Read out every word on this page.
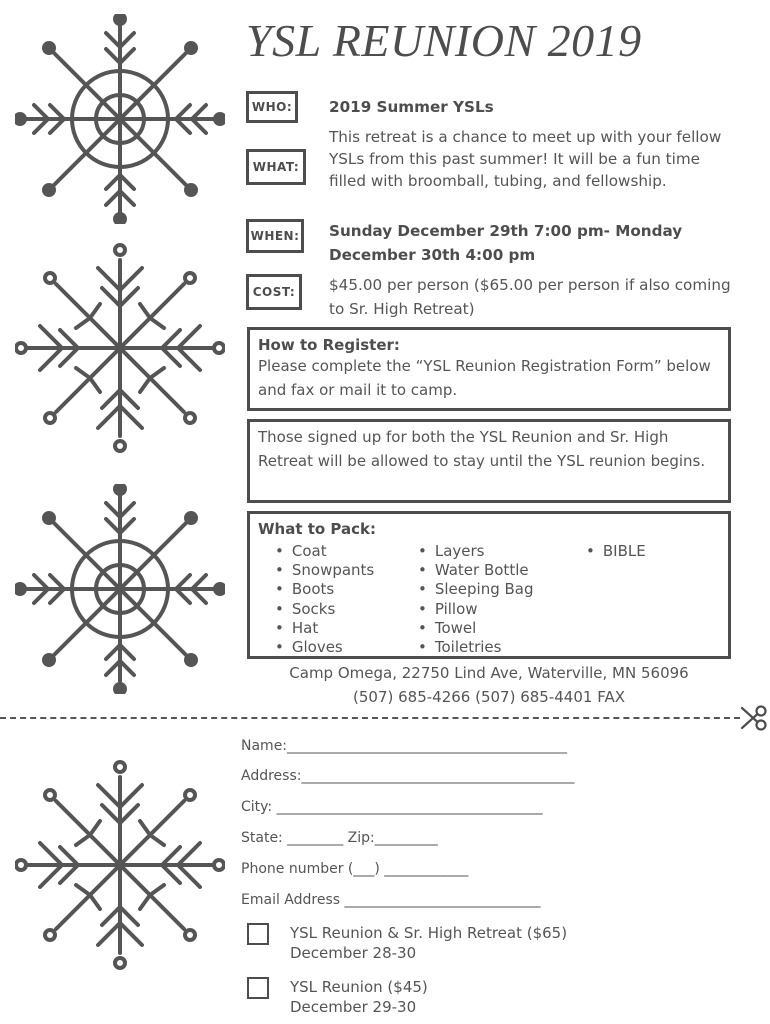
YSL REUNION 2019
WHO:	2019 Summer YSLs
WHAT:
This retreat is a chance to meet up with your fellow YSLs from this past summer! It will be a fun time filled with broomball, tubing, and fellowship.
WHEN:	Sunday December 29th 7:00 pm- Monday December 30th 4:00 pm
COST:	$45.00 per person ($65.00 per person if also coming to Sr. High Retreat)
How to Register:
Please complete the “YSL Reunion Registration Form” below and fax or mail it to camp.
Those signed up for both the YSL Reunion and Sr. High Retreat will be allowed to stay until the YSL reunion begins.
What to Pack:
• Coat
• Snowpants
• Boots
• Socks
• Hat
• Gloves
• Layers
• Water Bottle
• Sleeping Bag
• Pillow
• Towel
• Toiletries
• BIBLE
Camp Omega, 22750 Lind Ave, Waterville, MN 56096
(507) 685-4266 (507) 685-4401 FAX
Name:________________________________________
Address:_______________________________________
City: ______________________________________
State: ________ Zip:_________
Phone number (___) ____________
Email Address ____________________________
YSL Reunion & Sr. High Retreat ($65)
December 28-30
YSL Reunion ($45)
December 29-30
